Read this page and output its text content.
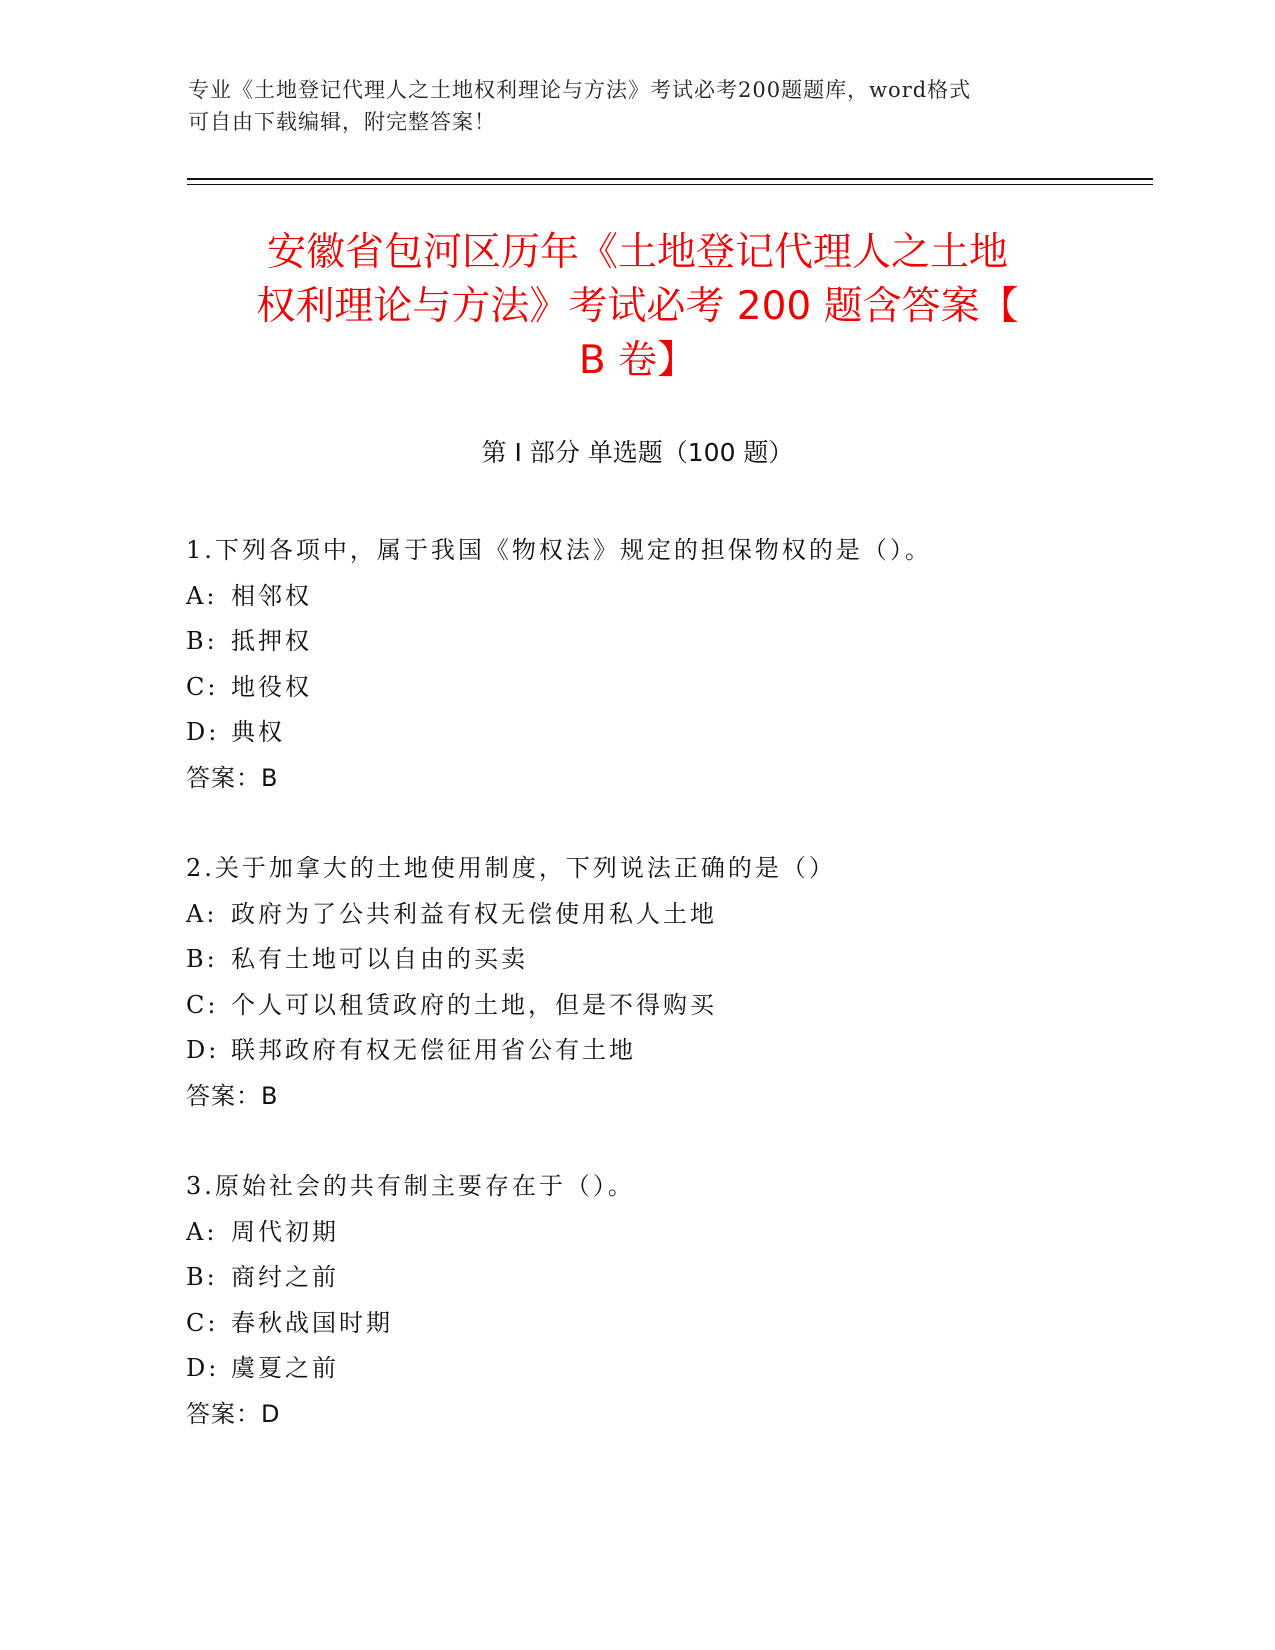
专业《土地登记代理人之土地权利理论与方法》考试必考200题题库，word格式
可自由下载编辑，附完整答案！
安徽省包河区历年《土地登记代理人之土地
权利理论与方法》考试必考 200 题含答案【
B 卷】
第 I 部分 单选题（100 题）
1.下列各项中，属于我国《物权法》规定的担保物权的是（）。
A: 相邻权
B: 抵押权
C: 地役权
D: 典权
答案：B
2.关于加拿大的土地使用制度，下列说法正确的是（）
A: 政府为了公共利益有权无偿使用私人土地
B: 私有土地可以自由的买卖
C: 个人可以租赁政府的土地，但是不得购买
D: 联邦政府有权无偿征用省公有土地
答案：B
3.原始社会的共有制主要存在于（）。
A: 周代初期
B: 商纣之前
C: 春秋战国时期
D: 虞夏之前
答案：D
